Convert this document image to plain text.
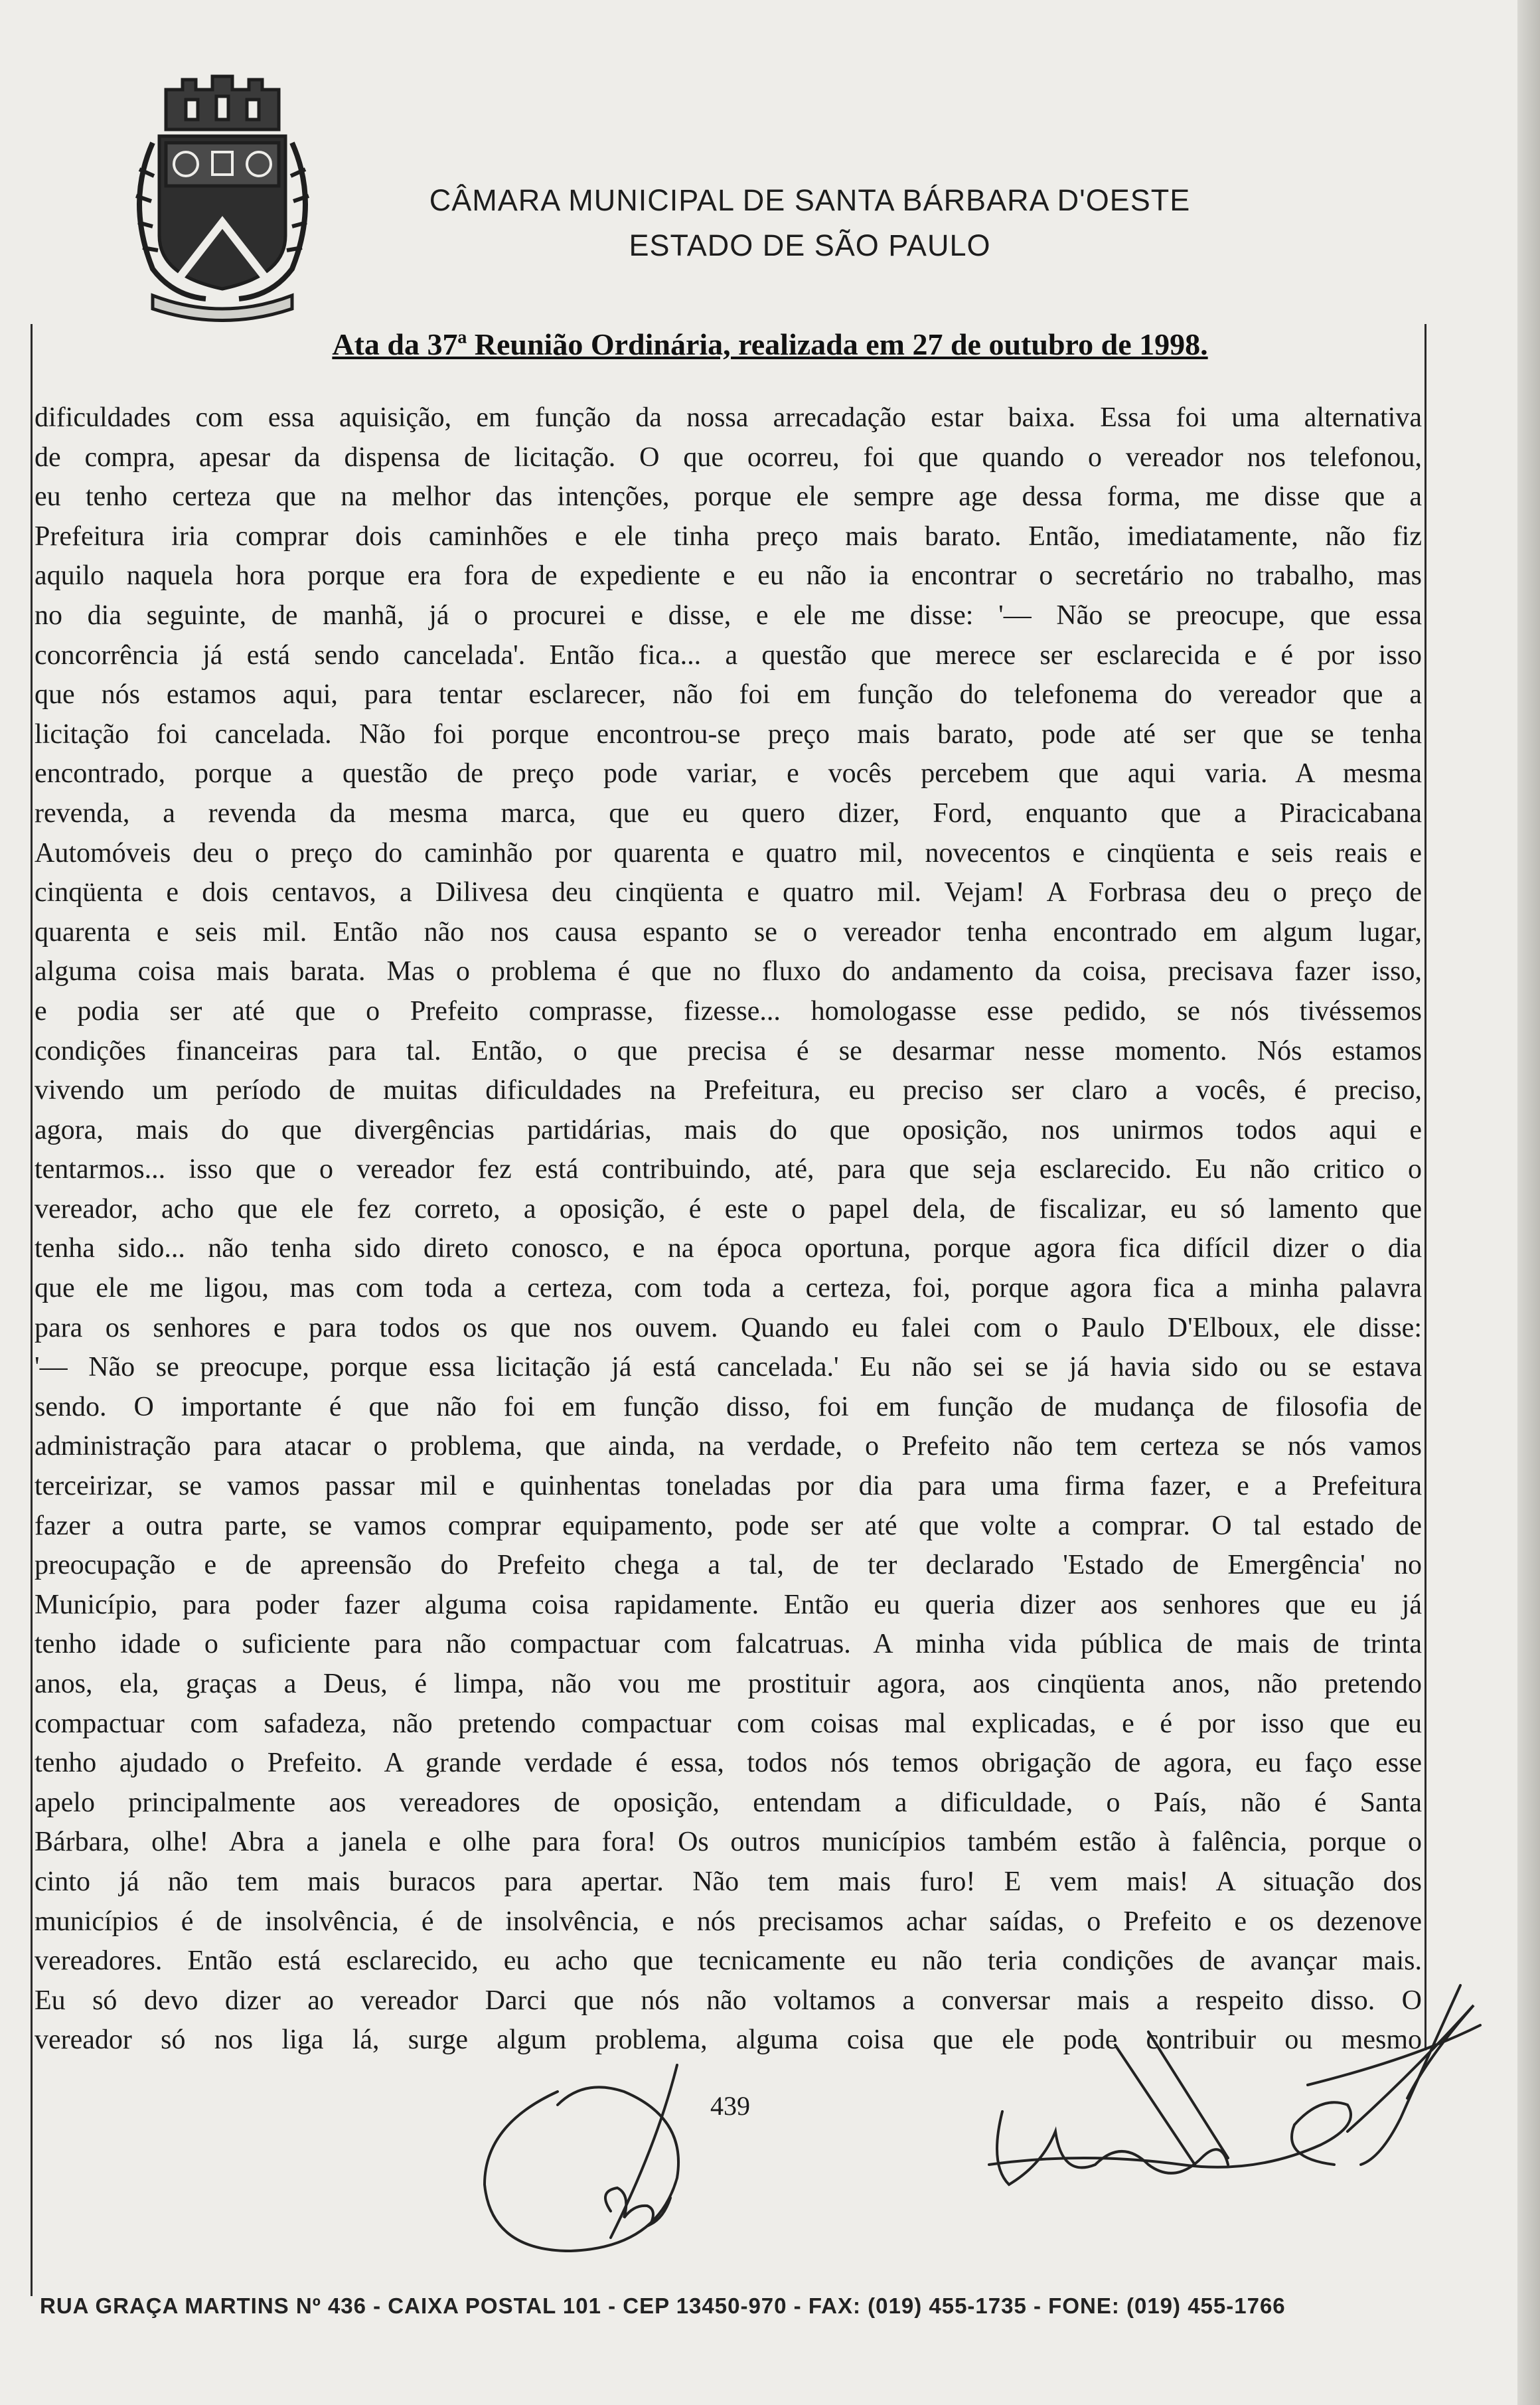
CÂMARA MUNICIPAL DE SANTA BÁRBARA D'OESTE
ESTADO DE SÃO PAULO
Ata da 37ª Reunião Ordinária, realizada em 27 de outubro de 1998.
dificuldades com essa aquisição, em função da nossa arrecadação estar baixa. Essa foi uma alternativa
de compra, apesar da dispensa de licitação. O que ocorreu, foi que quando o vereador nos telefonou,
eu tenho certeza que na melhor das intenções, porque ele sempre age dessa forma, me disse que a
Prefeitura iria comprar dois caminhões e ele tinha preço mais barato. Então, imediatamente, não fiz
aquilo naquela hora porque era fora de expediente e eu não ia encontrar o secretário no trabalho, mas
no dia seguinte, de manhã, já o procurei e disse, e ele me disse: '— Não se preocupe, que essa
concorrência já está sendo cancelada'. Então fica... a questão que merece ser esclarecida e é por isso
que nós estamos aqui, para tentar esclarecer, não foi em função do telefonema do vereador que a
licitação foi cancelada. Não foi porque encontrou-se preço mais barato, pode até ser que se tenha
encontrado, porque a questão de preço pode variar, e vocês percebem que aqui varia. A mesma
revenda, a revenda da mesma marca, que eu quero dizer, Ford, enquanto que a Piracicabana
Automóveis deu o preço do caminhão por quarenta e quatro mil, novecentos e cinqüenta e seis reais e
cinqüenta e dois centavos, a Dilivesa deu cinqüenta e quatro mil. Vejam! A Forbrasa deu o preço de
quarenta e seis mil. Então não nos causa espanto se o vereador tenha encontrado em algum lugar,
alguma coisa mais barata. Mas o problema é que no fluxo do andamento da coisa, precisava fazer isso,
e podia ser até que o Prefeito comprasse, fizesse... homologasse esse pedido, se nós tivéssemos
condições financeiras para tal. Então, o que precisa é se desarmar nesse momento. Nós estamos
vivendo um período de muitas dificuldades na Prefeitura, eu preciso ser claro a vocês, é preciso,
agora, mais do que divergências partidárias, mais do que oposição, nos unirmos todos aqui e
tentarmos... isso que o vereador fez está contribuindo, até, para que seja esclarecido. Eu não critico o
vereador, acho que ele fez correto, a oposição, é este o papel dela, de fiscalizar, eu só lamento que
tenha sido... não tenha sido direto conosco, e na época oportuna, porque agora fica difícil dizer o dia
que ele me ligou, mas com toda a certeza, com toda a certeza, foi, porque agora fica a minha palavra
para os senhores e para todos os que nos ouvem. Quando eu falei com o Paulo D'Elboux, ele disse:
'— Não se preocupe, porque essa licitação já está cancelada.' Eu não sei se já havia sido ou se estava
sendo. O importante é que não foi em função disso, foi em função de mudança de filosofia de
administração para atacar o problema, que ainda, na verdade, o Prefeito não tem certeza se nós vamos
terceirizar, se vamos passar mil e quinhentas toneladas por dia para uma firma fazer, e a Prefeitura
fazer a outra parte, se vamos comprar equipamento, pode ser até que volte a comprar. O tal estado de
preocupação e de apreensão do Prefeito chega a tal, de ter declarado 'Estado de Emergência' no
Município, para poder fazer alguma coisa rapidamente. Então eu queria dizer aos senhores que eu já
tenho idade o suficiente para não compactuar com falcatruas. A minha vida pública de mais de trinta
anos, ela, graças a Deus, é limpa, não vou me prostituir agora, aos cinqüenta anos, não pretendo
compactuar com safadeza, não pretendo compactuar com coisas mal explicadas, e é por isso que eu
tenho ajudado o Prefeito. A grande verdade é essa, todos nós temos obrigação de agora, eu faço esse
apelo principalmente aos vereadores de oposição, entendam a dificuldade, o País, não é Santa
Bárbara, olhe! Abra a janela e olhe para fora! Os outros municípios também estão à falência, porque o
cinto já não tem mais buracos para apertar. Não tem mais furo! E vem mais! A situação dos
municípios é de insolvência, é de insolvência, e nós precisamos achar saídas, o Prefeito e os dezenove
vereadores. Então está esclarecido, eu acho que tecnicamente eu não teria condições de avançar mais.
Eu só devo dizer ao vereador Darci que nós não voltamos a conversar mais a respeito disso. O
vereador só nos liga lá, surge algum problema, alguma coisa que ele pode contribuir ou mesmo
439
RUA GRAÇA MARTINS Nº 436 - CAIXA POSTAL 101 - CEP 13450-970 - FAX: (019) 455-1735 - FONE: (019) 455-1766
